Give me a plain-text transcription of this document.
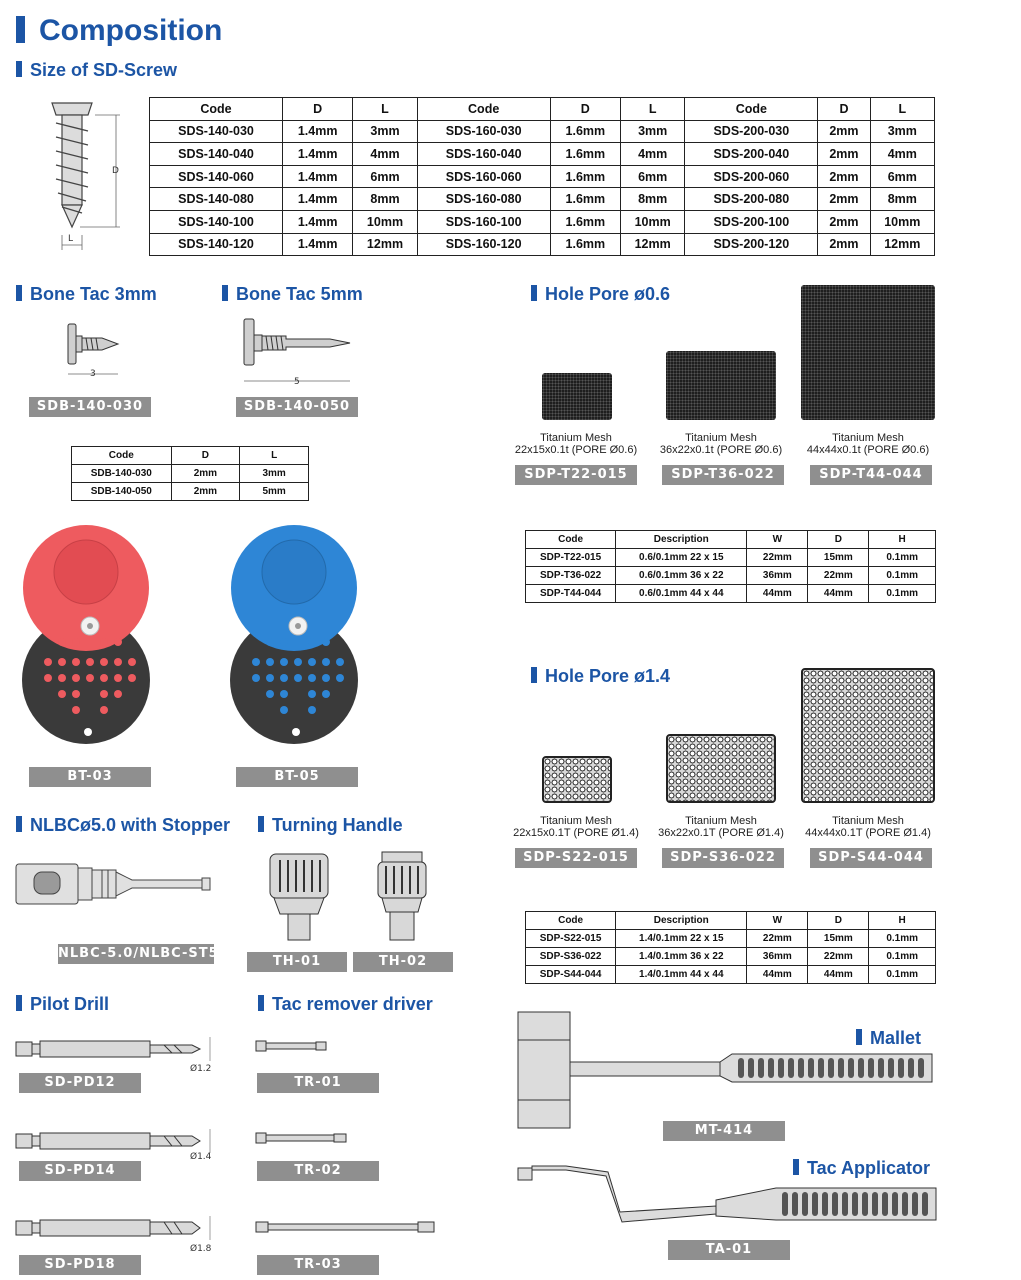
Composition
Size of SD-Screw
D
L
Code	D	L	Code	D	L	Code	D	L
SDS-140-030	1.4mm	3mm	SDS-160-030	1.6mm	3mm	SDS-200-030	2mm	3mm
SDS-140-040	1.4mm	4mm	SDS-160-040	1.6mm	4mm	SDS-200-040	2mm	4mm
SDS-140-060	1.4mm	6mm	SDS-160-060	1.6mm	6mm	SDS-200-060	2mm	6mm
SDS-140-080	1.4mm	8mm	SDS-160-080	1.6mm	8mm	SDS-200-080	2mm	8mm
SDS-140-100	1.4mm	10mm	SDS-160-100	1.6mm	10mm	SDS-200-100	2mm	10mm
SDS-140-120	1.4mm	12mm	SDS-160-120	1.6mm	12mm	SDS-200-120	2mm	12mm
Bone Tac 3mm	Bone Tac 5mm
3
5
SDB-140-030	SDB-140-050
Code	D	L
SDB-140-030	2mm	3mm
SDB-140-050	2mm	5mm
BT-03	BT-05
Hole Pore ø0.6
Titanium Mesh
22x15x0.1t (PORE Ø0.6)
Titanium Mesh
36x22x0.1t (PORE Ø0.6)
Titanium Mesh
44x44x0.1t (PORE Ø0.6)
SDP-T22-015	SDP-T36-022	SDP-T44-044
Code	Description	W	D	H
SDP-T22-015	0.6/0.1mm 22 x 15	22mm	15mm	0.1mm
SDP-T36-022	0.6/0.1mm 36 x 22	36mm	22mm	0.1mm
SDP-T44-044	0.6/0.1mm 44 x 44	44mm	44mm	0.1mm
Hole Pore ø1.4
Titanium Mesh
22x15x0.1T (PORE Ø1.4)
Titanium Mesh
36x22x0.1T (PORE Ø1.4)
Titanium Mesh
44x44x0.1T (PORE Ø1.4)
SDP-S22-015	SDP-S36-022	SDP-S44-044
Code	Description	W	D	H
SDP-S22-015	1.4/0.1mm 22 x 15	22mm	15mm	0.1mm
SDP-S36-022	1.4/0.1mm 36 x 22	36mm	22mm	0.1mm
SDP-S44-044	1.4/0.1mm 44 x 44	44mm	44mm	0.1mm
NLBCø5.0 with Stopper
NLBC-5.0/NLBC-ST5
Turning Handle
TH-01	TH-02
Pilot Drill
Ø1.2
SD-PD12
Ø1.4
SD-PD14
Ø1.8
SD-PD18
Tac remover driver
TR-01
TR-02
TR-03
Mallet
MT-414
Tac Applicator
TA-01
